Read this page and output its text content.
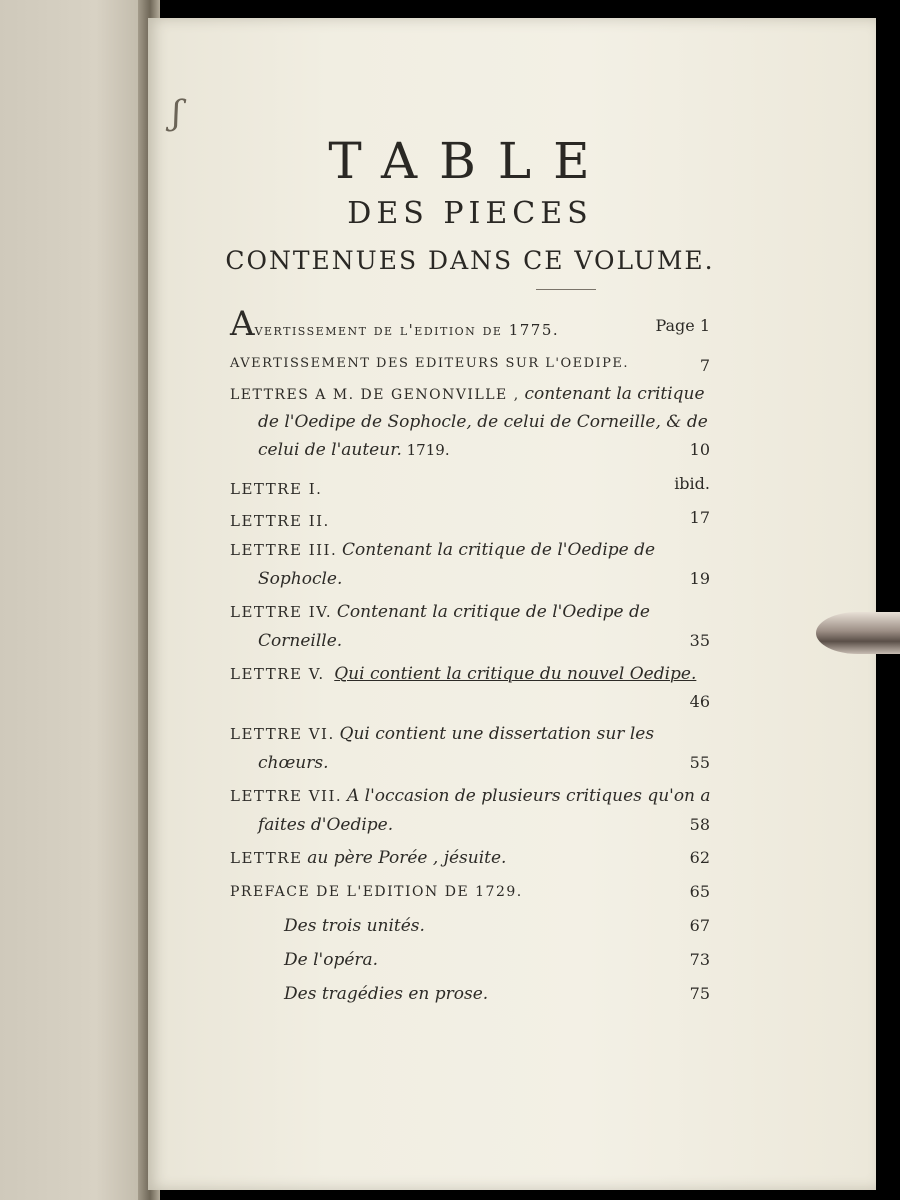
ʃ
TABLE
DES PIECES
CONTENUES DANS CE VOLUME.
Avertissement de l'edition de 1775.	Page 1
AVERTISSEMENT DES EDITEURS SUR L'OEDIPE.	7
LETTRES A M. DE GENONVILLE , contenant la critique
de l'Oedipe de Sophocle, de celui de Corneille, & de
celui de l'auteur. 1719.	10
LETTRE I.	ibid.
LETTRE II.	17
LETTRE III. Contenant la critique de l'Oedipe de
Sophocle.	19
LETTRE IV. Contenant la critique de l'Oedipe de
Corneille.	35
LETTRE V. Qui contient la critique du nouvel Oedipe.
46
LETTRE VI. Qui contient une dissertation sur les
chœurs.	55
LETTRE VII. A l'occasion de plusieurs critiques qu'on a
faites d'Oedipe.	58
LETTRE au père Porée , jésuite.	62
PREFACE DE L'EDITION DE 1729.	65
Des trois unités.	67
De l'opéra.	73
Des tragédies en prose.	75
